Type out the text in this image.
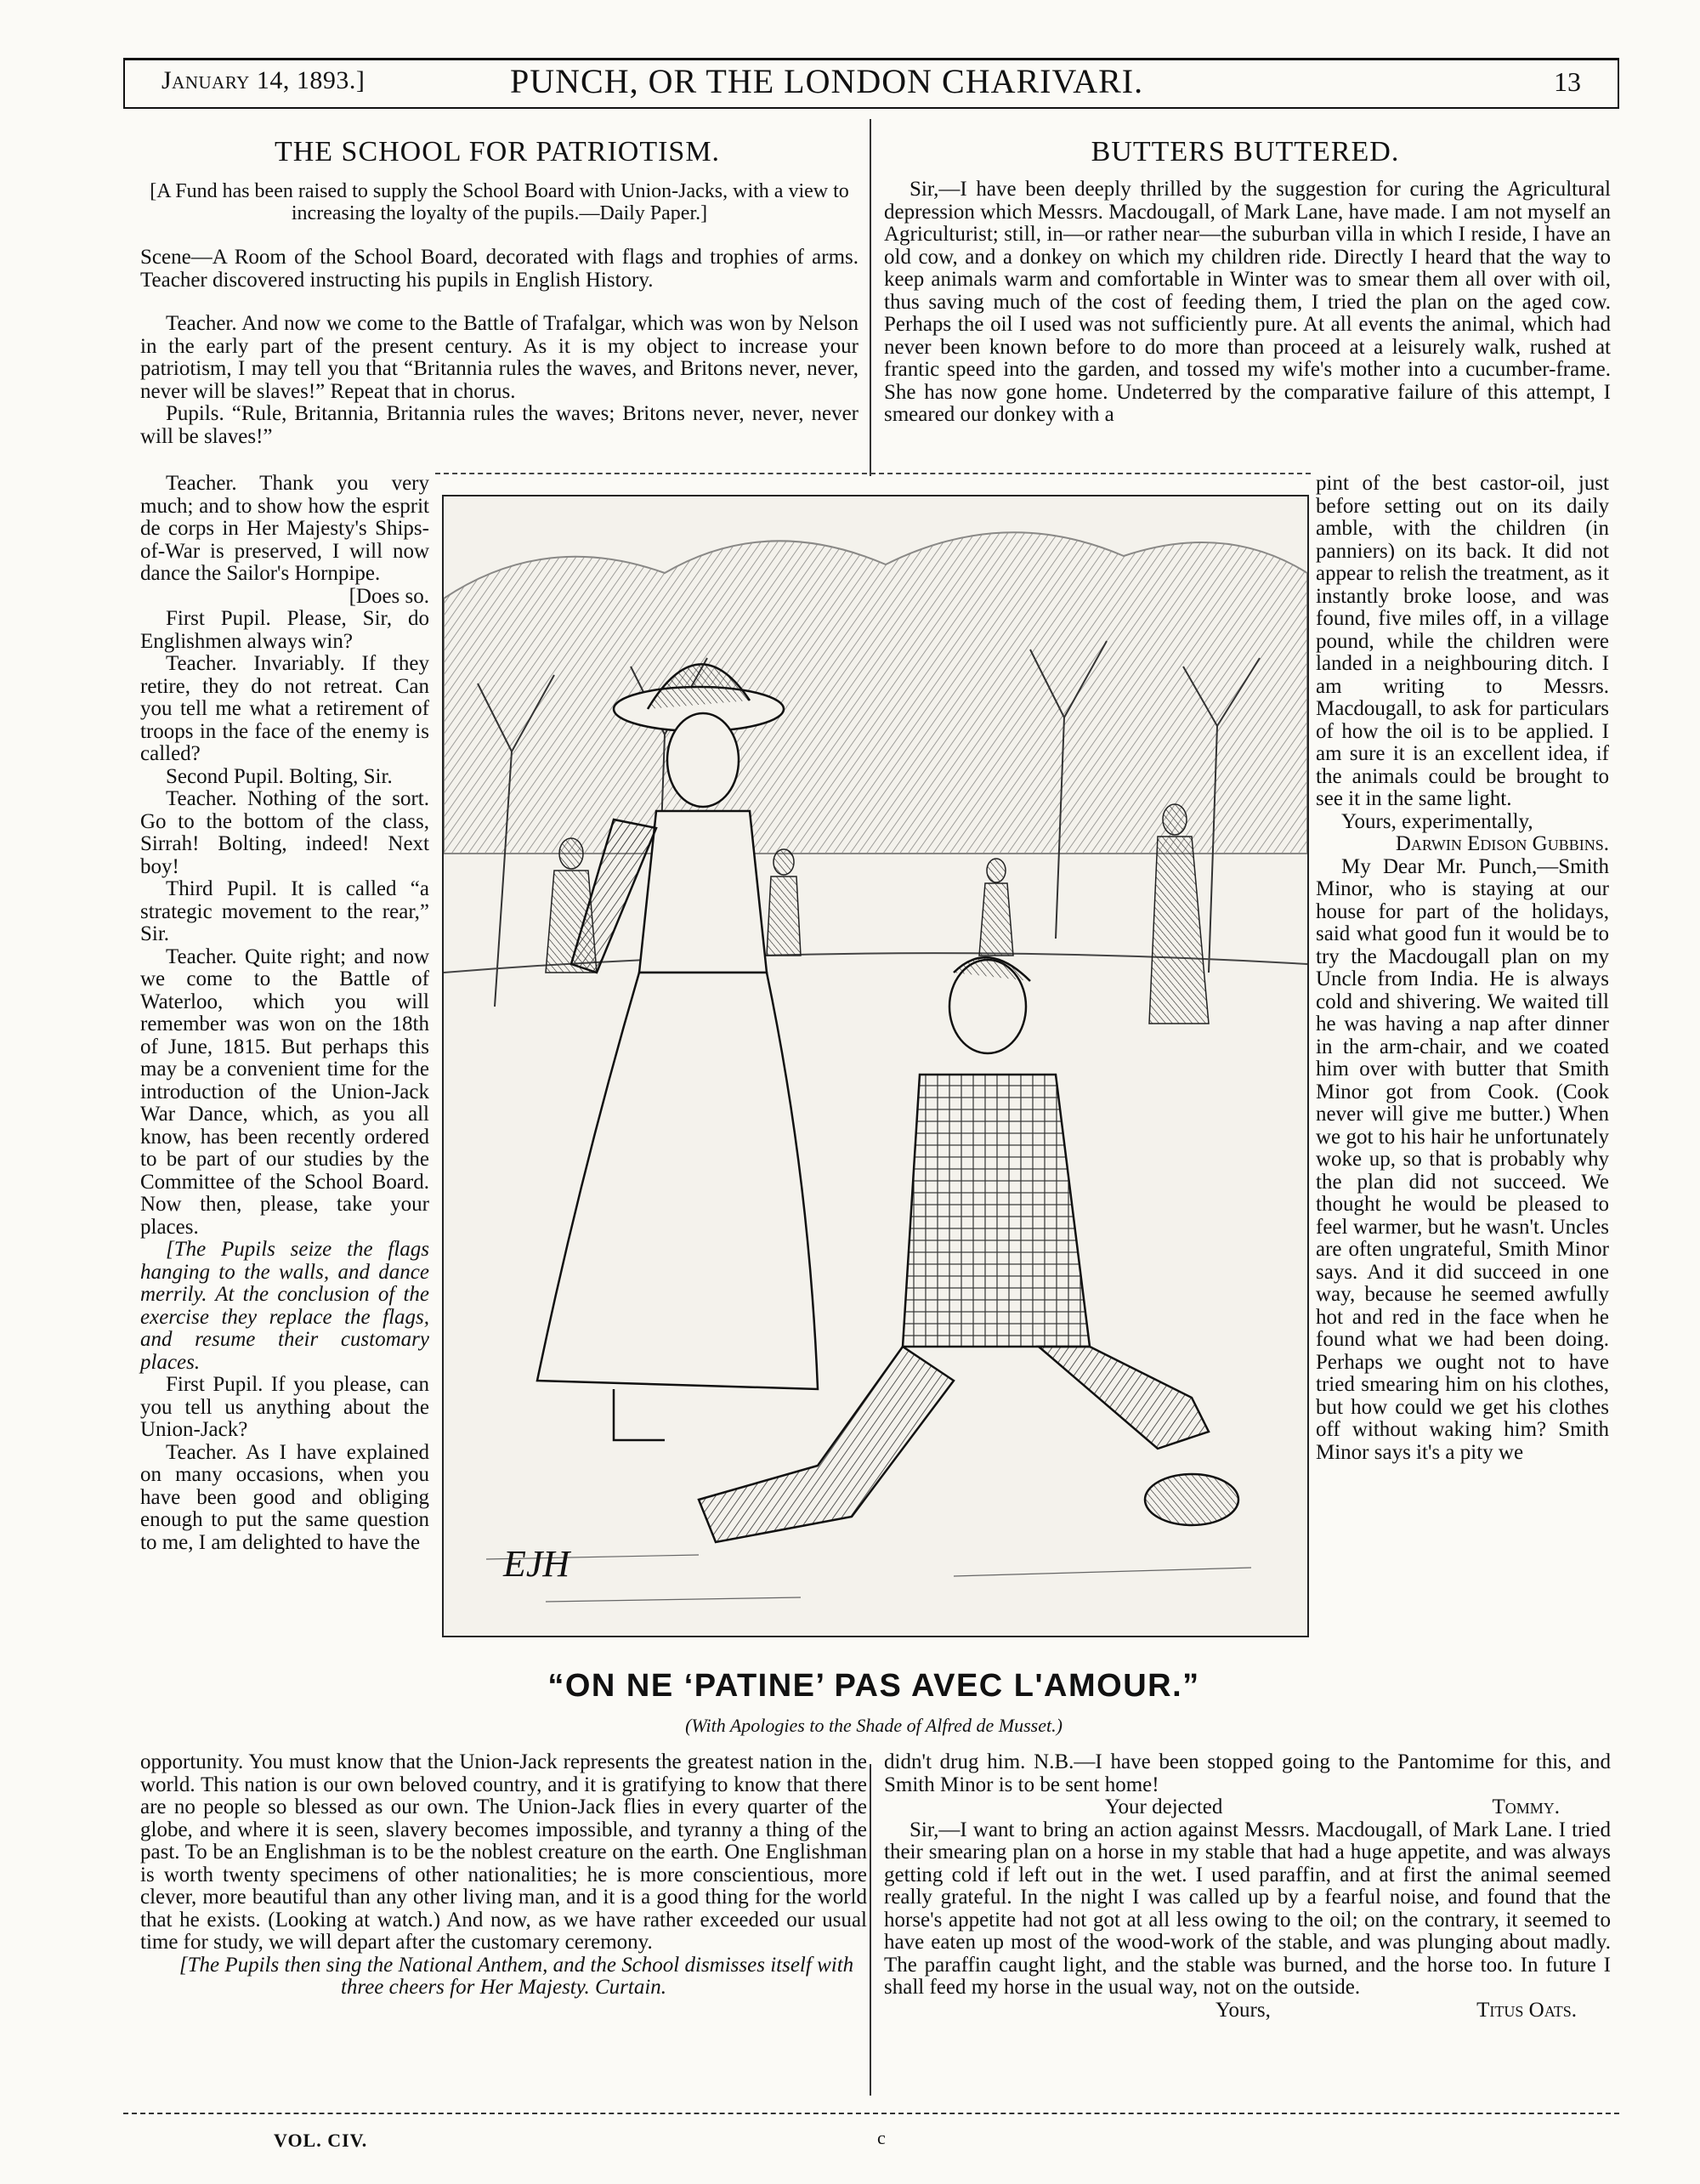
January 14, 1893.]	PUNCH, OR THE LONDON CHARIVARI.	13
THE SCHOOL FOR PATRIOTISM.
[A Fund has been raised to supply the School Board with Union-Jacks, with a view to increasing the loyalty of the pupils.—Daily Paper.]

Scene—A Room of the School Board, decorated with flags and trophies of arms. Teacher discovered instructing his pupils in English History.

Teacher. And now we come to the Battle of Trafalgar, which was won by Nelson in the early part of the present century. As it is my object to increase your patriotism, I may tell you that “Britannia rules the waves, and Britons never, never, never will be slaves!” Repeat that in chorus.

Pupils. “Rule, Britannia, Britannia rules the waves; Britons never, never, never will be slaves!”

Teacher. Thank you very much; and to show how the esprit de corps in Her Majesty's Ships-of-War is preserved, I will now dance the Sailor's Hornpipe.

[Does so.

First Pupil. Please, Sir, do Englishmen always win?

Teacher. Invariably. If they retire, they do not retreat. Can you tell me what a retirement of troops in the face of the enemy is called?

Second Pupil. Bolting, Sir.

Teacher. Nothing of the sort. Go to the bottom of the class, Sirrah! Bolting, indeed! Next boy!

Third Pupil. It is called “a strategic movement to the rear,” Sir.

Teacher. Quite right; and now we come to the Battle of Waterloo, which you will remember was won on the 18th of June, 1815. But perhaps this may be a convenient time for the introduction of the Union-Jack War Dance, which, as you all know, has been recently ordered to be part of our studies by the Committee of the School Board. Now then, please, take your places.

[The Pupils seize the flags hanging to the walls, and dance merrily. At the conclusion of the exercise they replace the flags, and resume their customary places.

First Pupil. If you please, can you tell us anything about the Union-Jack?

Teacher. As I have explained on many occasions, when you have been good and obliging enough to put the same question to me, I am delighted to have the

opportunity. You must know that the Union-Jack represents the greatest nation in the world. This nation is our own beloved country, and it is gratifying to know that there are no people so blessed as our own. The Union-Jack flies in every quarter of the globe, and where it is seen, slavery becomes impossible, and tyranny a thing of the past. To be an Englishman is to be the noblest creature on the earth. One Englishman is worth twenty specimens of other nationalities; he is more conscientious, more clever, more beautiful than any other living man, and it is a good thing for the world that he exists. (Looking at watch.) And now, as we have rather exceeded our usual time for study, we will depart after the customary ceremony.

[The Pupils then sing the National Anthem, and the School dismisses itself with three cheers for Her Majesty. Curtain.

BUTTERS BUTTERED.

Sir,—I have been deeply thrilled by the suggestion for curing the Agricultural depression which Messrs. Macdougall, of Mark Lane, have made. I am not myself an Agriculturist; still, in—or rather near—the suburban villa in which I reside, I have an old cow, and a donkey on which my children ride. Directly I heard that the way to keep animals warm and comfortable in Winter was to smear them all over with oil, thus saving much of the cost of feeding them, I tried the plan on the aged cow. Perhaps the oil I used was not sufficiently pure. At all events the animal, which had never been known before to do more than proceed at a leisurely walk, rushed at frantic speed into the garden, and tossed my wife's mother into a cucumber-frame. She has now gone home. Undeterred by the comparative failure of this attempt, I smeared our donkey with a

pint of the best castor-oil, just before setting out on its daily amble, with the children (in panniers) on its back. It did not appear to relish the treatment, as it instantly broke loose, and was found, five miles off, in a village pound, while the children were landed in a neighbouring ditch. I am writing to Messrs. Macdougall, to ask for particulars of how the oil is to be applied. I am sure it is an excellent idea, if the animals could be brought to see it in the same light.

Yours, experimentally,

Darwin Edison Gubbins.

My Dear Mr. Punch,—Smith Minor, who is staying at our house for part of the holidays, said what good fun it would be to try the Macdougall plan on my Uncle from India. He is always cold and shivering. We waited till he was having a nap after dinner in the arm-chair, and we coated him over with butter that Smith Minor got from Cook. (Cook never will give me butter.) When we got to his hair he unfortunately woke up, so that is probably why the plan did not succeed. We thought he would be pleased to feel warmer, but he wasn't. Uncles are often ungrateful, Smith Minor says. And it did succeed in one way, because he seemed awfully hot and red in the face when he found what we had been doing. Perhaps we ought not to have tried smearing him on his clothes, but how could we get his clothes off without waking him? Smith Minor says it's a pity we

didn't drug him. N.B.—I have been stopped going to the Pantomime for this, and Smith Minor is to be sent home!

Your dejected	Tommy.

Sir,—I want to bring an action against Messrs. Macdougall, of Mark Lane. I tried their smearing plan on a horse in my stable that had a huge appetite, and was always getting cold if left out in the wet. I used paraffin, and at first the animal seemed really grateful. In the night I was called up by a fearful noise, and found that the horse's appetite had not got at all less owing to the oil; on the contrary, it seemed to have eaten up most of the wood-work of the stable, and was plunging about madly. The paraffin caught light, and the stable was burned, and the horse too. In future I shall feed my horse in the usual way, not on the outside.

Yours,	Titus Oats.

EJH
“ON NE ‘PATINE’ PAS AVEC L'AMOUR.”
(With Apologies to the Shade of Alfred de Musset.)
VOL. CIV.	c
